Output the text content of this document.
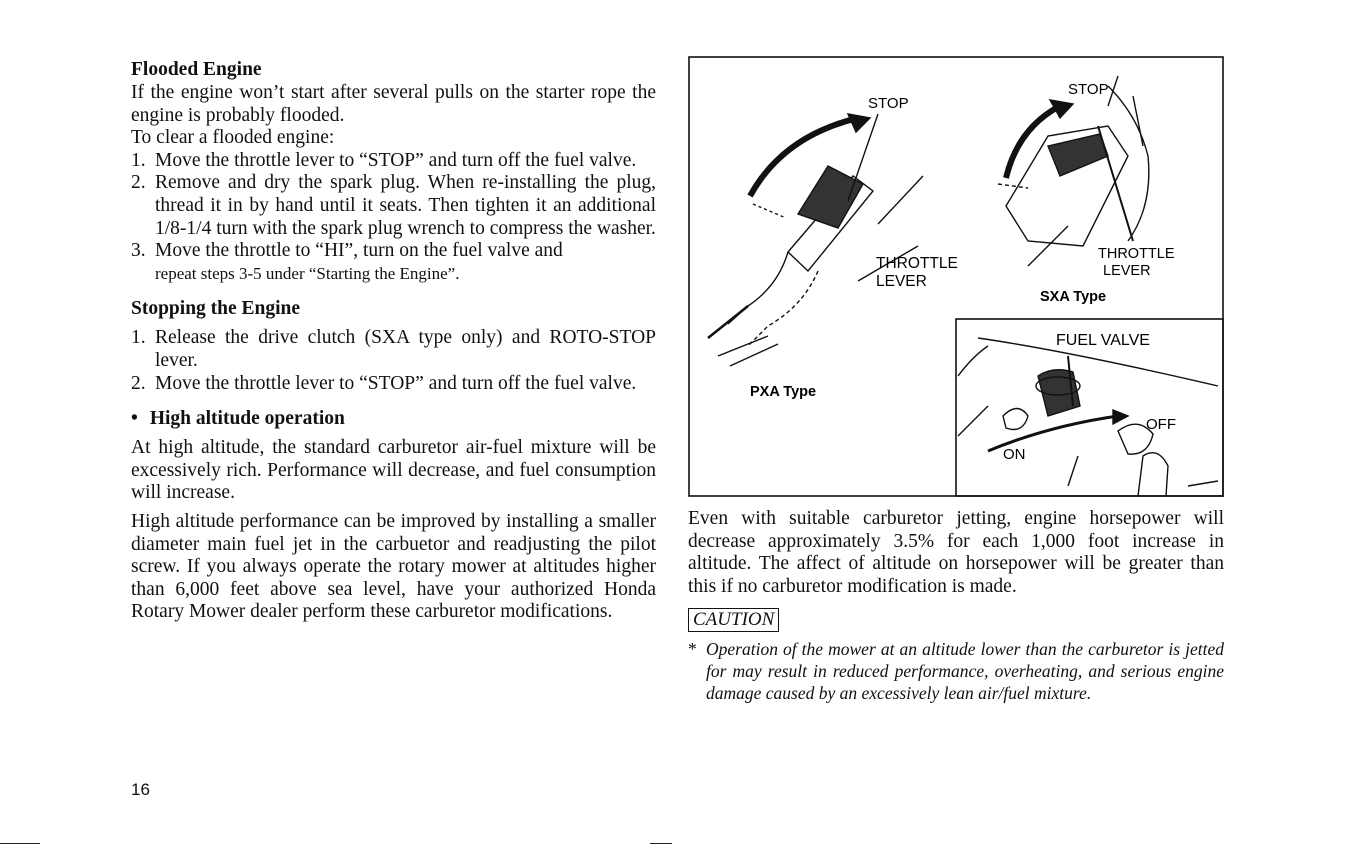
Flooded Engine

If the engine won’t start after several pulls on the starter rope the engine is probably flooded.

To clear a flooded engine:

1. Move the throttle lever to “STOP” and turn off the fuel valve.
2. Remove and dry the spark plug. When re-installing the plug, thread it in by hand until it seats. Then tighten it an additional 1/8-1/4 turn with the spark plug wrench to compress the washer.
3. Move the throttle to “HI”, turn on the fuel valve and
repeat steps 3-5 under “Starting the Engine”.
Stopping the Engine
1. Release the drive clutch (SXA type only) and ROTO-STOP lever.
2. Move the throttle lever to “STOP” and turn off the fuel valve.
• High altitude operation

At high altitude, the standard carburetor air-fuel mixture will be excessively rich. Performance will decrease, and fuel consumption will increase.

High altitude performance can be improved by installing a smaller diameter main fuel jet in the carbuetor and readjusting the pilot screw. If you always operate the rotary mower at altitudes higher than 6,000 feet above sea level, have your authorized Honda Rotary Mower dealer perform these carburetor modifications.

STOP
THROTTLE
LEVER
PXA Type
STOP
THROTTLE
LEVER
SXA Type
FUEL VALVE
OFF
ON

Even with suitable carburetor jetting, engine horsepower will decrease approximately 3.5% for each 1,000 foot increase in altitude. The affect of altitude on horsepower will be greater than this if no carburetor modification is made.

CAUTION
* Operation of the mower at an altitude lower than the carburetor is jetted for may result in reduced performance, overheating, and serious engine damage caused by an excessively lean air/fuel mixture.

16
